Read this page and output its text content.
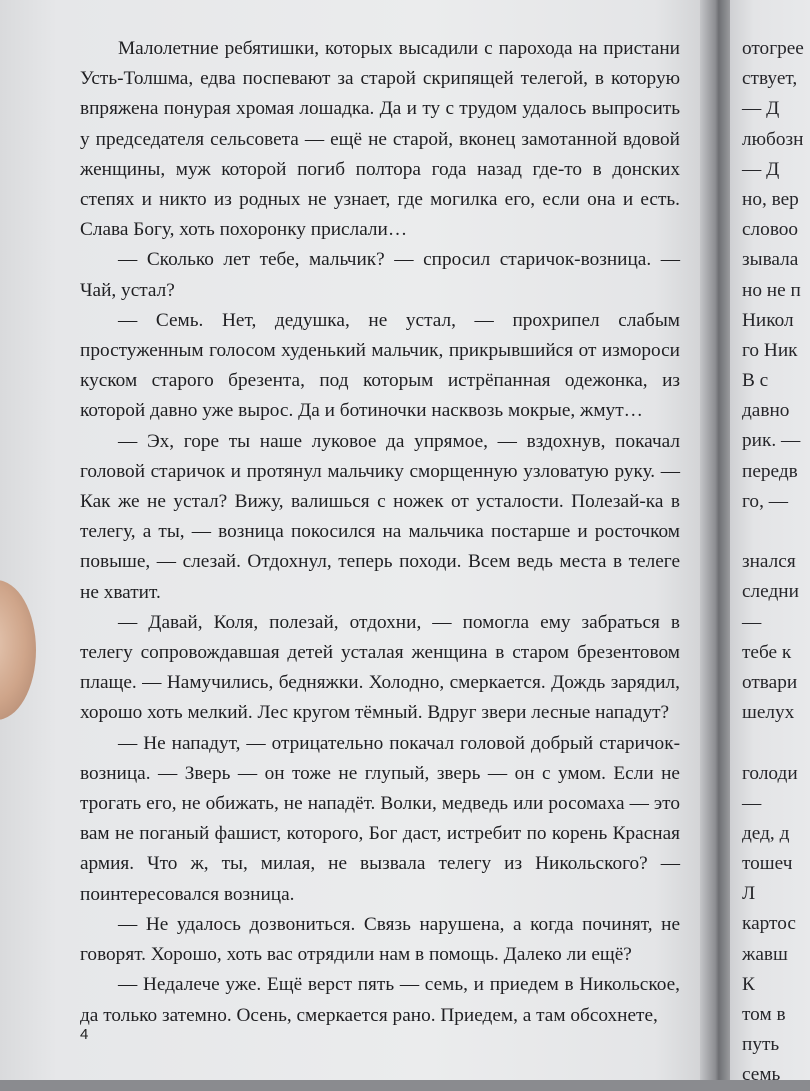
Малолетние ребятишки, которых высадили с парохода на пристани Усть-Толшма, едва поспевают за старой скрипящей телегой, в которую впряжена понурая хромая лошадка. Да и ту с трудом удалось выпросить у председателя сельсовета — ещё не старой, вконец замотанной вдовой женщины, муж которой погиб полтора года назад где-то в донских степях и никто из родных не узнает, где могилка его, если она и есть. Слава Богу, хоть похоронку прислали…

— Сколько лет тебе, мальчик? — спросил старичок-возница. — Чай, устал?

— Семь. Нет, дедушка, не устал, — прохрипел слабым простуженным голосом худенький мальчик, прикрывшийся от измороси куском старого брезента, под которым истрёпанная одежонка, из которой давно уже вырос. Да и ботиночки насквозь мокрые, жмут…

— Эх, горе ты наше луковое да упрямое, — вздохнув, покачал головой старичок и протянул мальчику сморщенную узловатую руку. — Как же не устал? Вижу, валишься с ножек от усталости. Полезай-ка в телегу, а ты, — возница покосился на мальчика постарше и росточком повыше, — слезай. Отдохнул, теперь походи. Всем ведь места в телеге не хватит.

— Давай, Коля, полезай, отдохни, — помогла ему забраться в телегу сопровождавшая детей усталая женщина в старом брезентовом плаще. — Намучились, бедняжки. Холодно, смеркается. Дождь зарядил, хорошо хоть мелкий. Лес кругом тёмный. Вдруг звери лесные нападут?

— Не нападут, — отрицательно покачал головой добрый старичок-возница. — Зверь — он тоже не глупый, зверь — он с умом. Если не трогать его, не обижать, не нападёт. Волки, медведь или росомаха — это вам не поганый фашист, которого, Бог даст, истребит по корень Красная армия. Что ж, ты, милая, не вызвала телегу из Никольского? — поинтересовался возница.

— Не удалось дозвониться. Связь нарушена, а когда починят, не говорят. Хорошо, хоть вас отрядили нам в помощь. Далеко ли ещё?

— Недалече уже. Ещё верст пять — семь, и приедем в Никольское, да только затемно. Осень, смеркается рано. Приедем, а там обсохнете,

4
отогрее
ствует,
— Д
любозн
— Д
но, вер
словоо
зывала
но не п
Никол
го Ник
В с
давно
рик. —
передв
го, —
знался
следни
—
тебе к
отвари
шелух
голоди
—
дед, д
тошеч
Л
картос
жавш
К
том в
путь
семь
